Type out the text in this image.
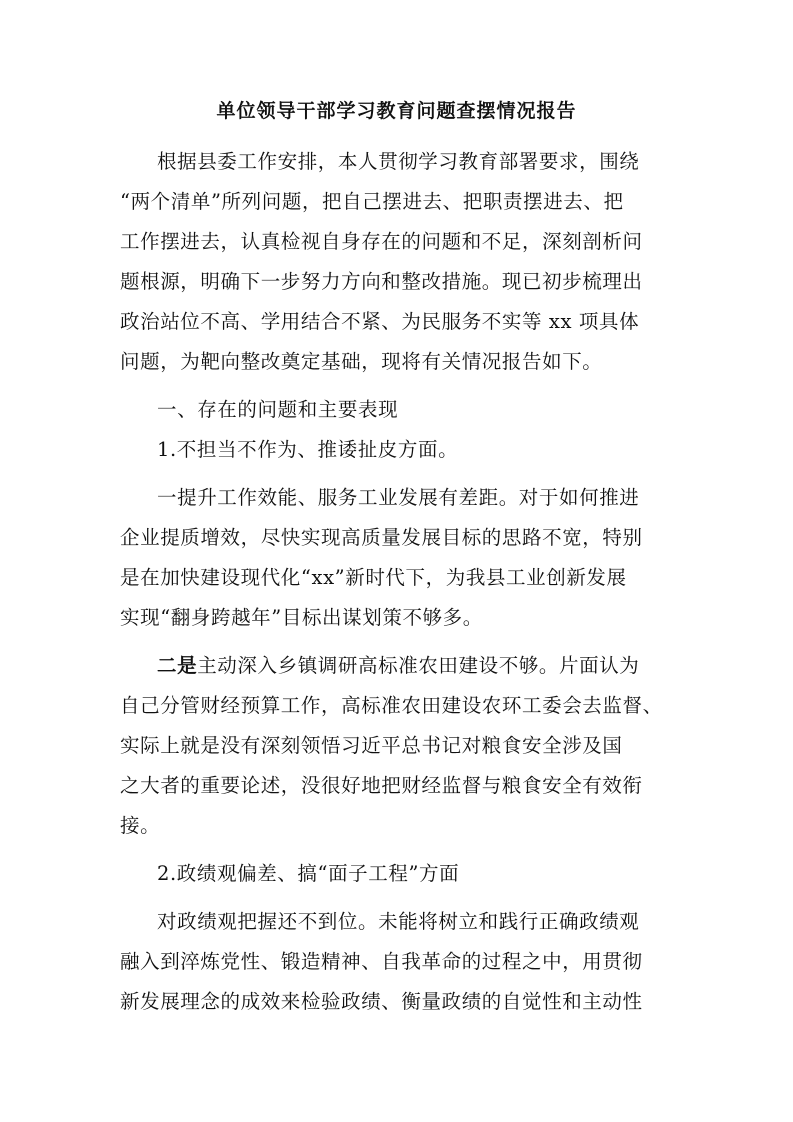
单位领导干部学习教育问题查摆情况报告
根据县委工作安排，本人贯彻学习教育部署要求，围绕
“两个清单”所列问题，把自己摆进去、把职责摆进去、把
工作摆进去，认真检视自身存在的问题和不足，深刻剖析问
题根源，明确下一步努力方向和整改措施。现已初步梳理出
政治站位不高、学用结合不紧、为民服务不实等 xx 项具体
问题，为靶向整改奠定基础，现将有关情况报告如下。
一、存在的问题和主要表现
1.不担当不作为、推诿扯皮方面。
一提升工作效能、服务工业发展有差距。对于如何推进
企业提质增效，尽快实现高质量发展目标的思路不宽，特别
是在加快建设现代化“xx”新时代下，为我县工业创新发展
实现“翻身跨越年”目标出谋划策不够多。
二是主动深入乡镇调研高标准农田建设不够。片面认为
自己分管财经预算工作，高标准农田建设农环工委会去监督、
实际上就是没有深刻领悟习近平总书记对粮食安全涉及国
之大者的重要论述，没很好地把财经监督与粮食安全有效衔
接。
2.政绩观偏差、搞“面子工程”方面
对政绩观把握还不到位。未能将树立和践行正确政绩观
融入到淬炼党性、锻造精神、自我革命的过程之中，用贯彻
新发展理念的成效来检验政绩、衡量政绩的自觉性和主动性
